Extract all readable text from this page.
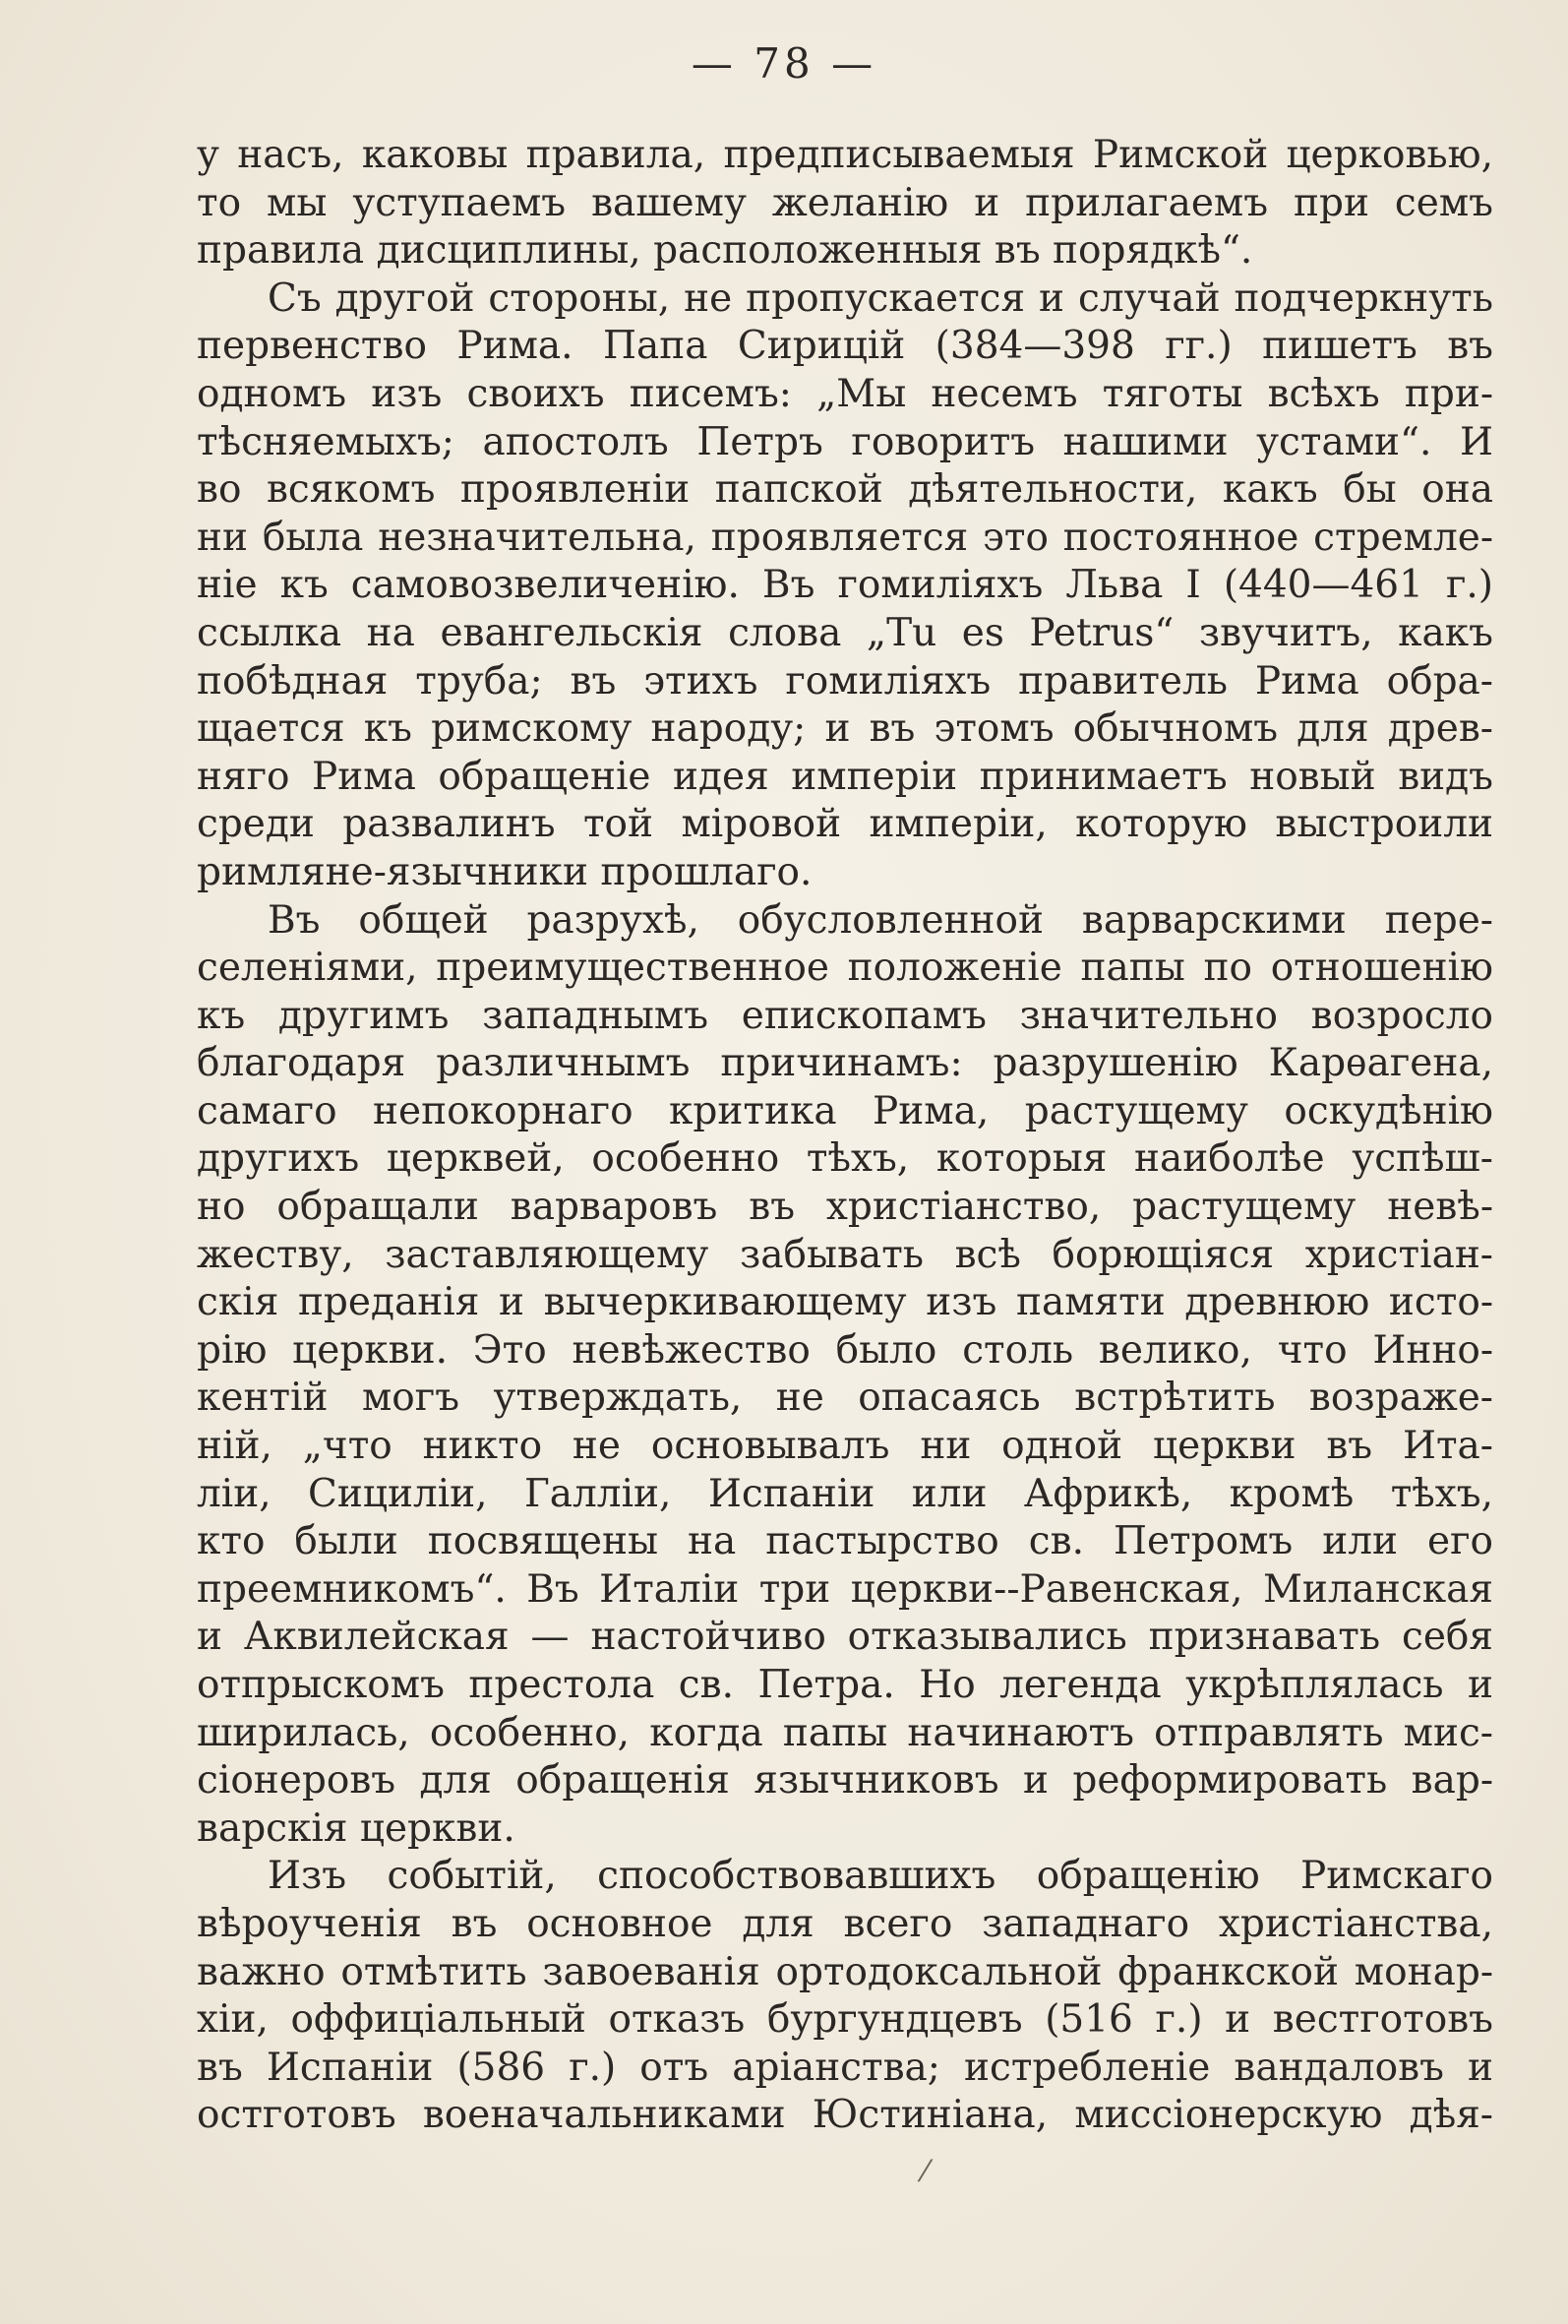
— 78 —
у насъ, каковы правила, предписываемыя Римской церковью,
то мы уступаемъ вашему желанію и прилагаемъ при семъ
правила дисциплины, расположенныя въ порядкѣ“.
Съ другой стороны, не пропускается и случай подчеркнуть
первенство Рима. Папа Сирицій (384—398 гг.) пишетъ въ
одномъ изъ своихъ писемъ: „Мы несемъ тяготы всѣхъ при-
тѣсняемыхъ; апостолъ Петръ говоритъ нашими устами“. И
во всякомъ проявленіи папской дѣятельности, какъ бы она
ни была незначительна, проявляется это постоянное стремле-
ніе къ самовозвеличенію. Въ гомиліяхъ Льва I (440—461 г.)
ссылка на евангельскія слова „Tu es Petrus“ звучитъ, какъ
побѣдная труба; въ этихъ гомиліяхъ правитель Рима обра-
щается къ римскому народу; и въ этомъ обычномъ для древ-
няго Рима обращеніе идея имперіи принимаетъ новый видъ
среди развалинъ той міровой имперіи, которую выстроили
римляне-язычники прошлаго.
Въ общей разрухѣ, обусловленной варварскими пере-
селеніями, преимущественное положеніе папы по отношенію
къ другимъ западнымъ епископамъ значительно возросло
благодаря различнымъ причинамъ: разрушенію Карѳагена,
самаго непокорнаго критика Рима, растущему оскудѣнію
другихъ церквей, особенно тѣхъ, которыя наиболѣе успѣш-
но обращали варваровъ въ христіанство, растущему невѣ-
жеству, заставляющему забывать всѣ борющіяся христіан-
скія преданія и вычеркивающему изъ памяти древнюю исто-
рію церкви. Это невѣжество было столь велико, что Инно-
кентій могъ утверждать, не опасаясь встрѣтить возраже-
ній, „что никто не основывалъ ни одной церкви въ Ита-
ліи, Сициліи, Галліи, Испаніи или Африкѣ, кромѣ тѣхъ,
кто были посвящены на пастырство св. Петромъ или его
преемникомъ“. Въ Италіи три церкви--Равенская, Миланская
и Аквилейская — настойчиво отказывались признавать себя
отпрыскомъ престола св. Петра. Но легенда укрѣплялась и
ширилась, особенно, когда папы начинаютъ отправлять мис-
сіонеровъ для обращенія язычниковъ и реформировать вар-
варскія церкви.
Изъ событій, способствовавшихъ обращенію Римскаго
вѣроученія въ основное для всего западнаго христіанства,
важно отмѣтить завоеванія ортодоксальной франкской монар-
хіи, оффиціальный отказъ бургундцевъ (516 г.) и вестготовъ
въ Испаніи (586 г.) отъ аріанства; истребленіе вандаловъ и
остготовъ военачальниками Юстиніана, миссіонерскую дѣя-
⁄
